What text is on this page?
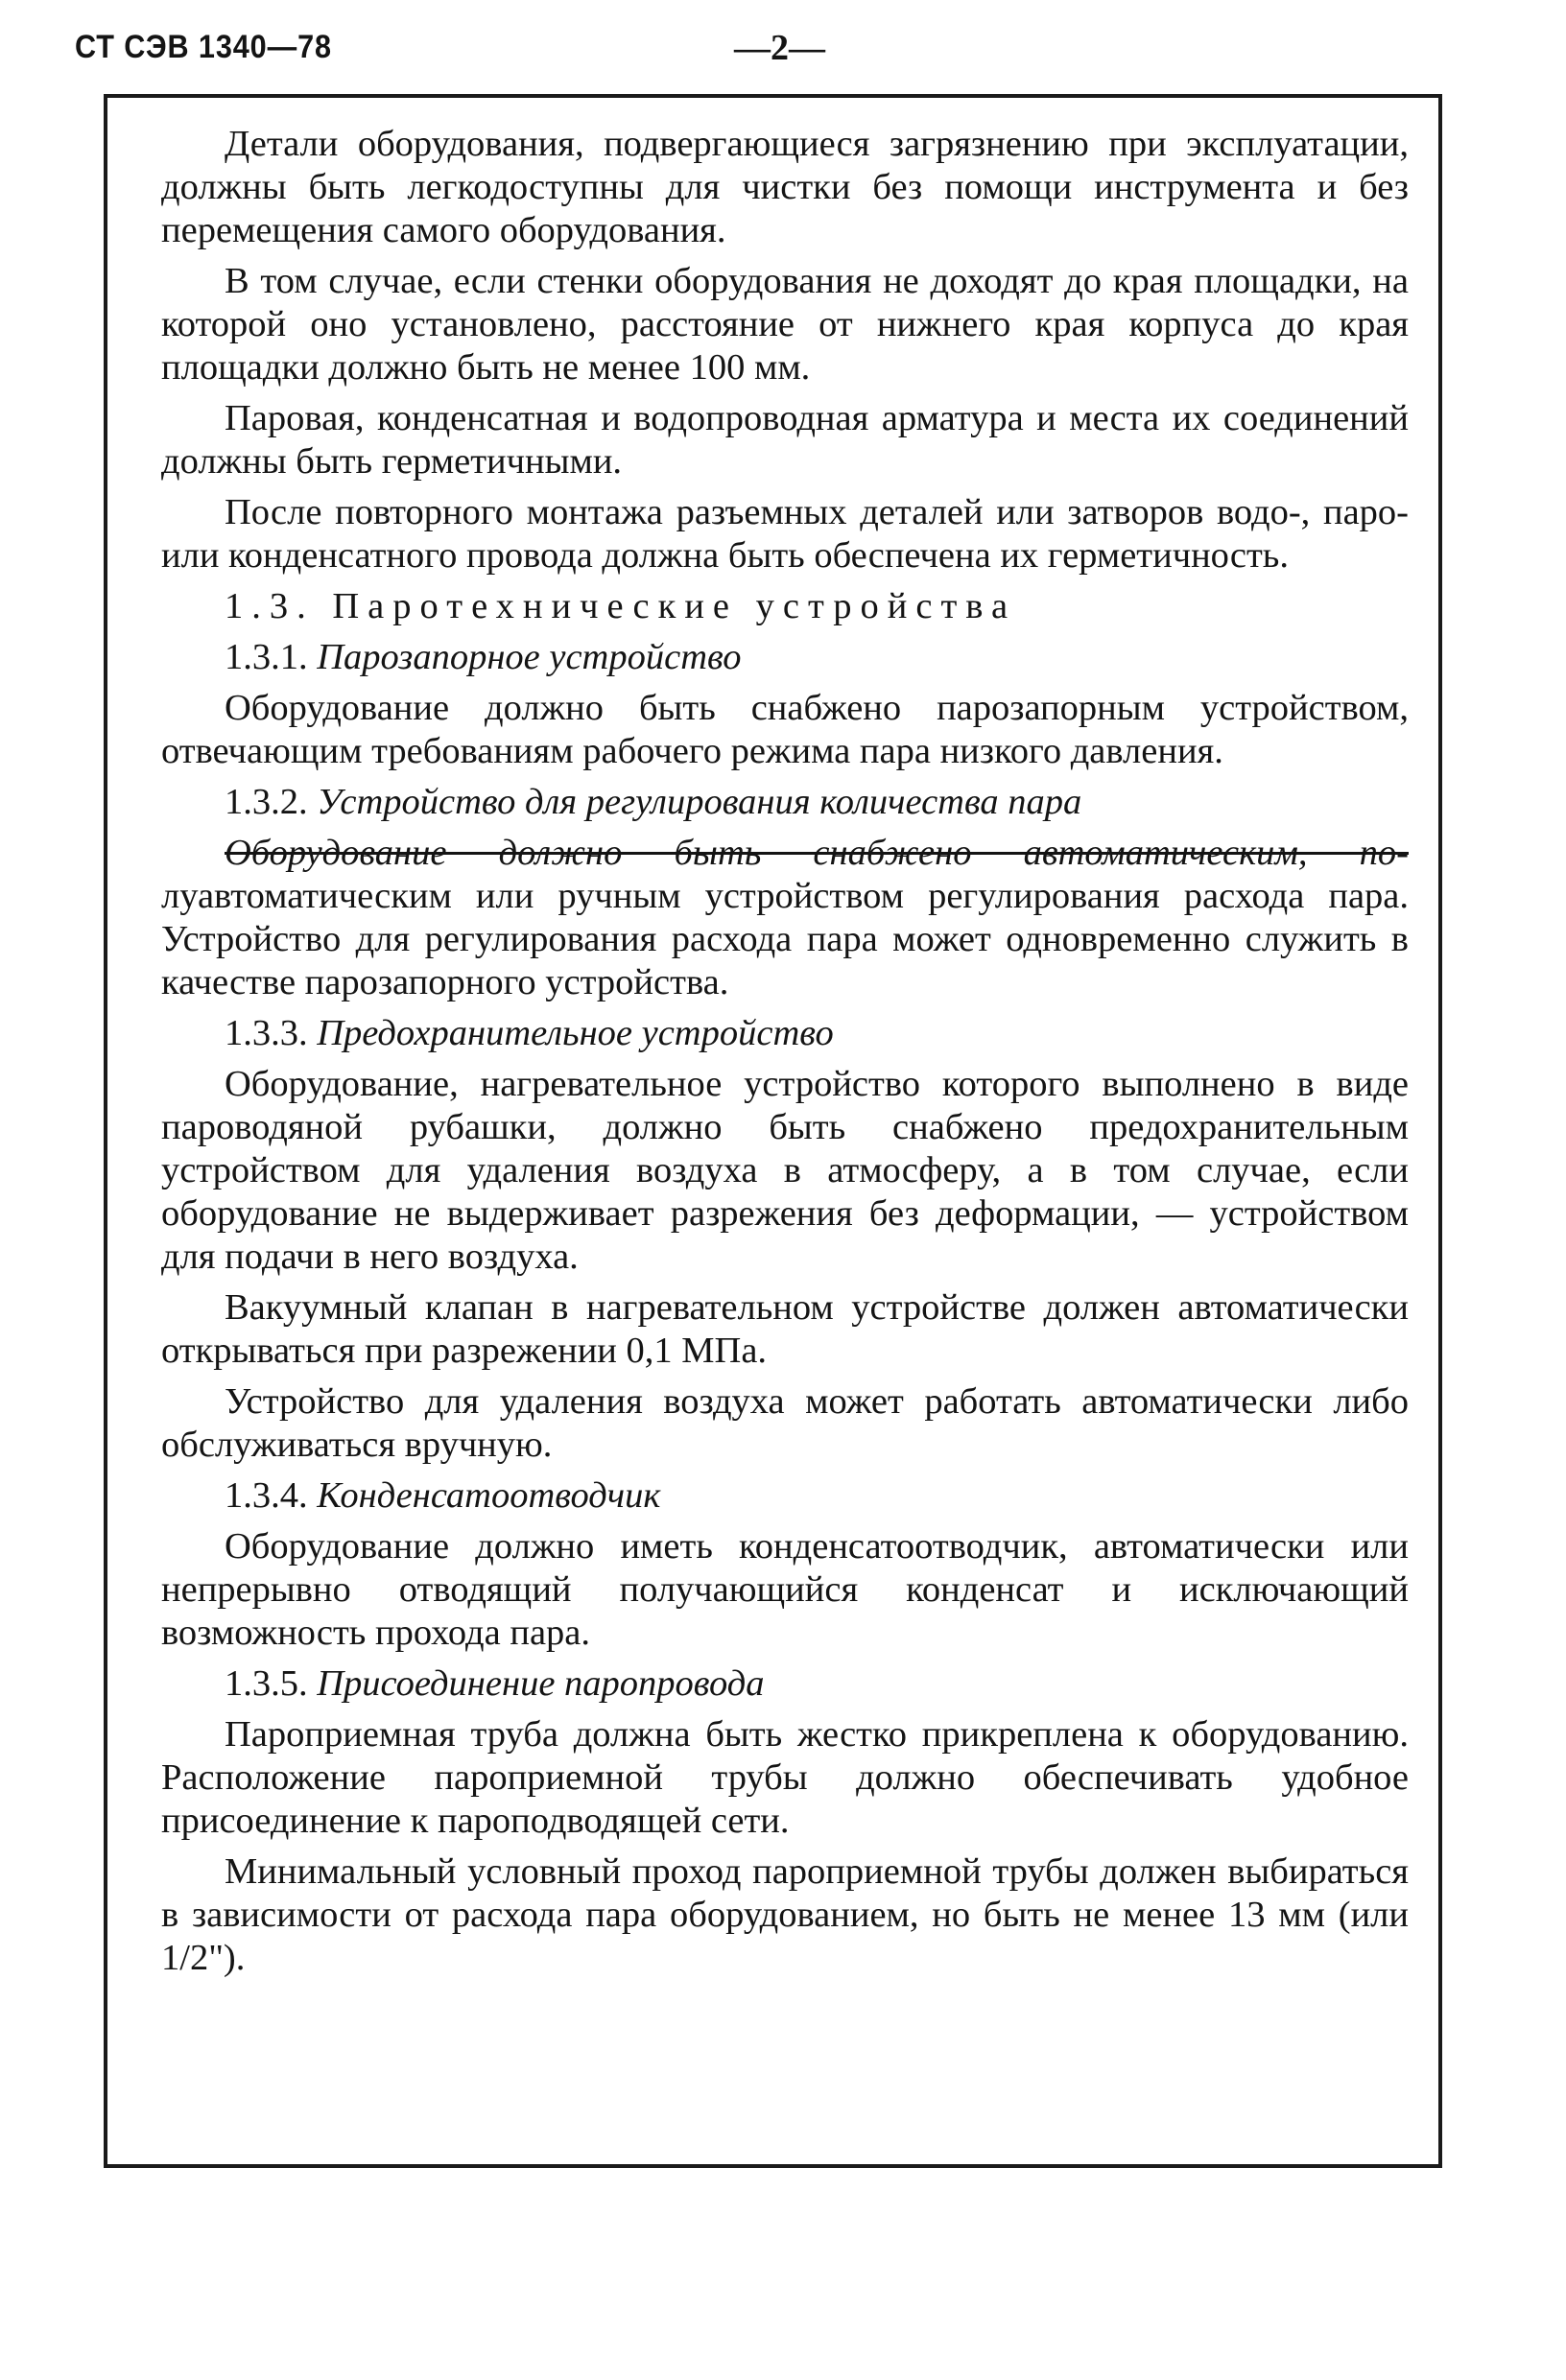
СТ СЭВ 1340—78	—2—

Детали оборудования, подвергающиеся загрязнению при эксплуатации, должны быть легкодоступны для чистки без помощи инструмента и без перемещения самого оборудования.

В том случае, если стенки оборудования не доходят до края площадки, на которой оно установлено, расстояние от нижнего края корпуса до края площадки должно быть не менее 100 мм.

Паровая, конденсатная и водопроводная арматура и места их соединений должны быть герметичными.

После повторного монтажа разъемных деталей или затворов водо-, паро- или конденсатного провода должна быть обеспечена их герметичность.

1.3. Паротехнические устройства
1.3.1. Парозапорное устройство

Оборудование должно быть снабжено парозапорным устройством, отвечающим требованиям рабочего режима пара низкого давления.

1.3.2. Устройство для регулирования количества пара

Оборудование должно быть снабжено автоматическим, по-луавтоматическим или ручным устройством регулирования расхода пара. Устройство для регулирования расхода пара может одновременно служить в качестве парозапорного устройства.

1.3.3. Предохранительное устройство

Оборудование, нагревательное устройство которого выполнено в виде пароводяной рубашки, должно быть снабжено предохранительным устройством для удаления воздуха в атмосферу, а в том случае, если оборудование не выдерживает разрежения без деформации, — устройством для подачи в него воздуха.

Вакуумный клапан в нагревательном устройстве должен автоматически открываться при разрежении 0,1 МПа.

Устройство для удаления воздуха может работать автоматически либо обслуживаться вручную.

1.3.4. Конденсатоотводчик

Оборудование должно иметь конденсатоотводчик, автоматически или непрерывно отводящий получающийся конденсат и исключающий возможность прохода пара.

1.3.5. Присоединение паропровода

Пароприемная труба должна быть жестко прикреплена к оборудованию. Расположение пароприемной трубы должно обеспечивать удобное присоединение к пароподводящей сети.

Минимальный условный проход пароприемной трубы должен выбираться в зависимости от расхода пара оборудованием, но быть не менее 13 мм (или 1/2").
